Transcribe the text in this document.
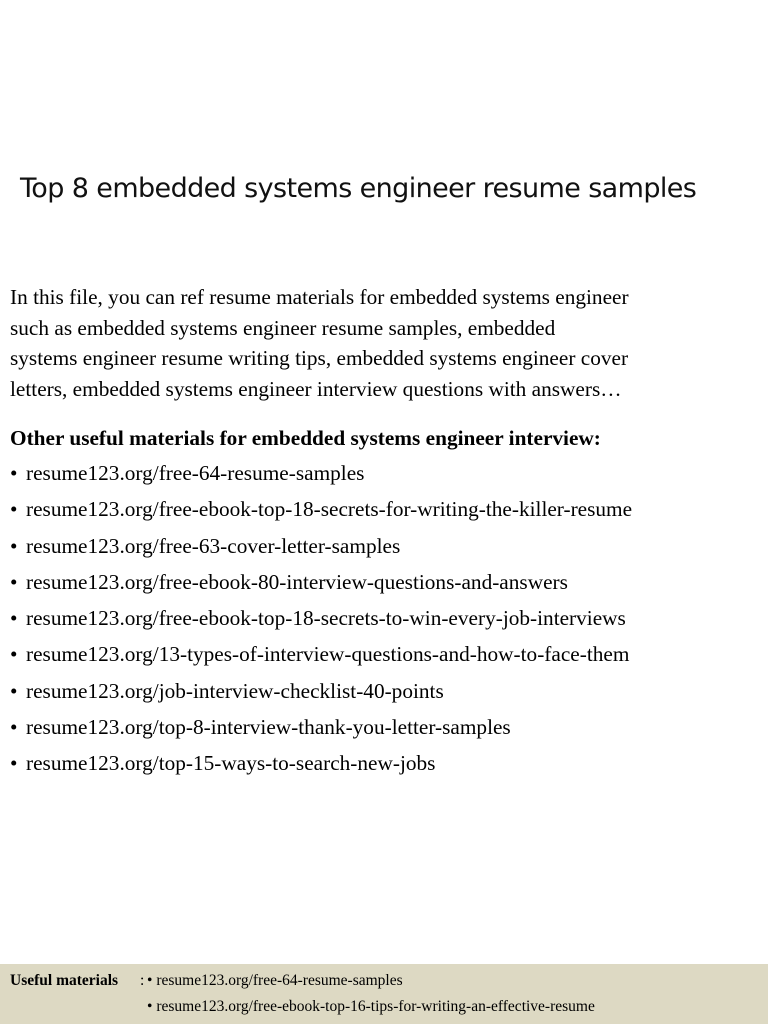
Top 8 embedded systems engineer resume samples
In this file, you can ref resume materials for embedded systems engineer
such as embedded systems engineer resume samples, embedded
systems engineer resume writing tips, embedded systems engineer cover
letters, embedded systems engineer interview questions with answers…
Other useful materials for embedded systems engineer interview:
• resume123.org/free-64-resume-samples
• resume123.org/free-ebook-top-18-secrets-for-writing-the-killer-resume
• resume123.org/free-63-cover-letter-samples
• resume123.org/free-ebook-80-interview-questions-and-answers
• resume123.org/free-ebook-top-18-secrets-to-win-every-job-interviews
• resume123.org/13-types-of-interview-questions-and-how-to-face-them
• resume123.org/job-interview-checklist-40-points
• resume123.org/top-8-interview-thank-you-letter-samples
• resume123.org/top-15-ways-to-search-new-jobs
Useful materials : • resume123.org/free-64-resume-samples
• resume123.org/free-ebook-top-16-tips-for-writing-an-effective-resume
